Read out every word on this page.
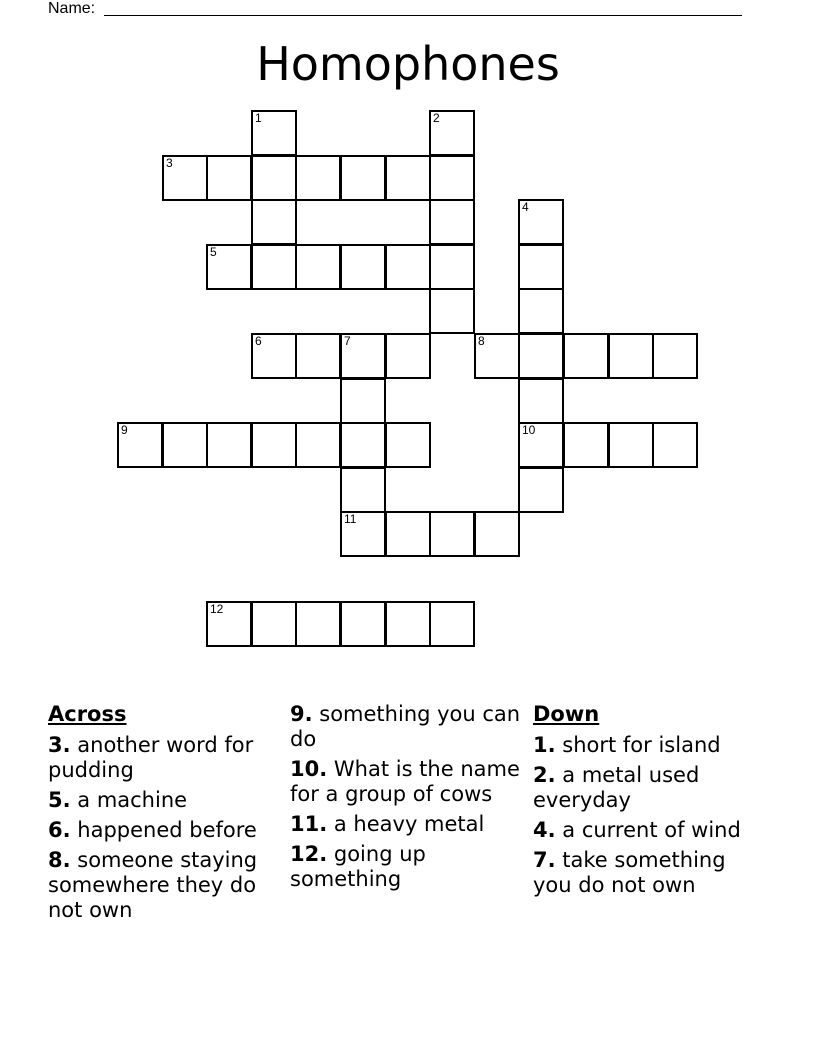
Name:
Homophones
1	2
3
4
5
6	7	8
9	10
11
12
Across
3. another word for pudding
5. a machine
6. happened before
8. someone staying somewhere they do not own
9. something you can do
10. What is the name for a group of cows
11. a heavy metal
12. going up something
Down
1. short for island
2. a metal used everyday
4. a current of wind
7. take something you do not own
